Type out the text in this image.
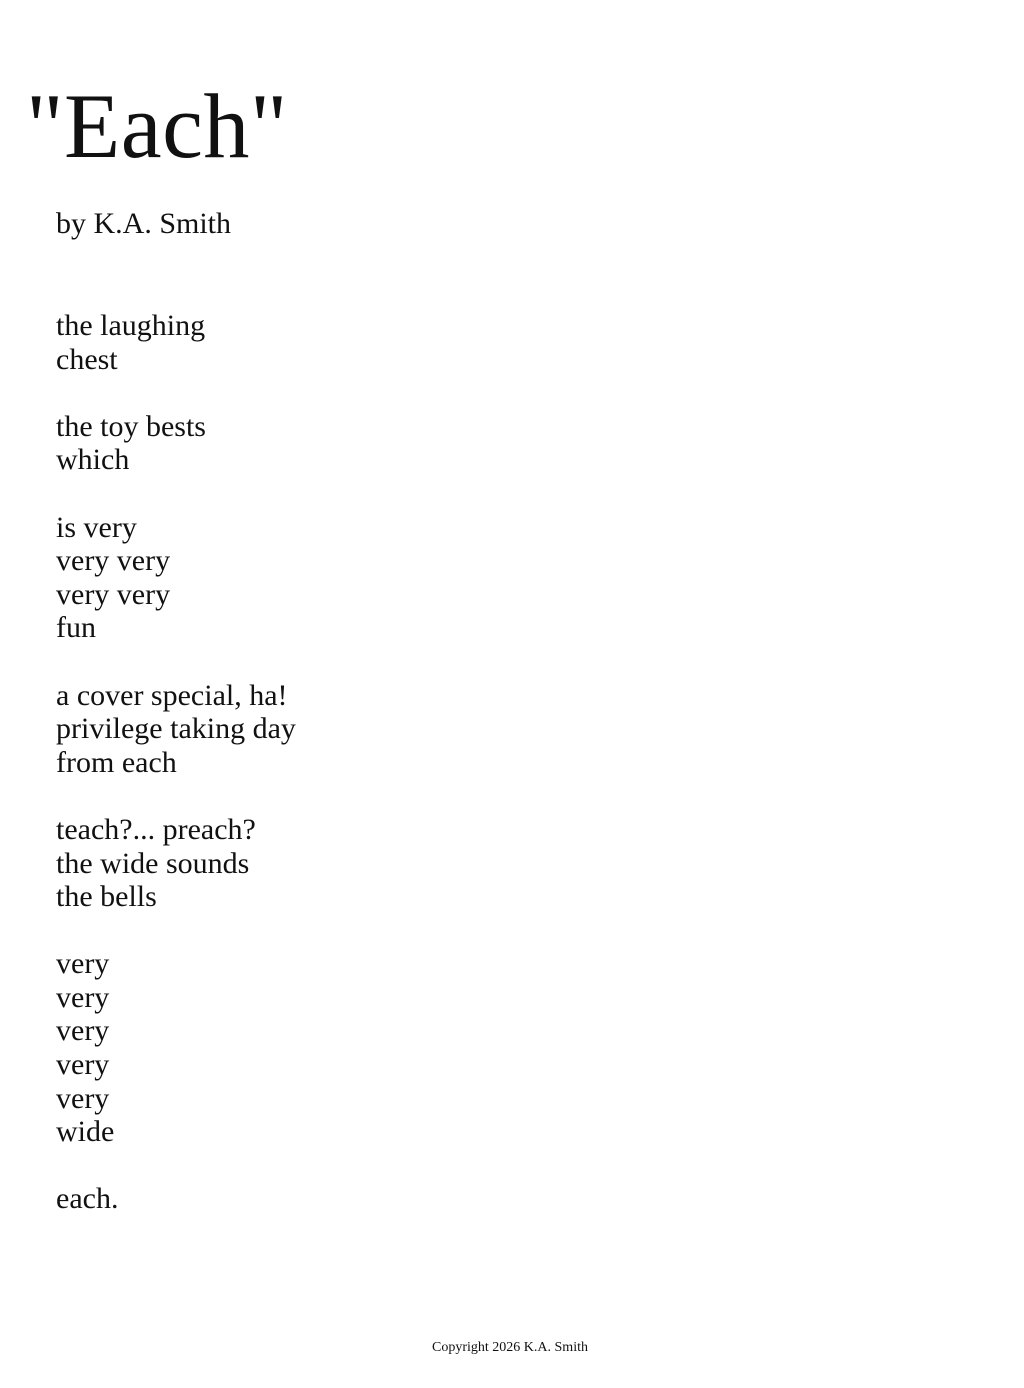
"Each"

by K.A. Smith

the laughing
chest
the toy bests
which
is very
very very
very very
fun
a cover special, ha!
privilege taking day
from each
teach?... preach?
the wide sounds
the bells
very
very
very
very
very
wide
each.
Copyright 2026 K.A. Smith
